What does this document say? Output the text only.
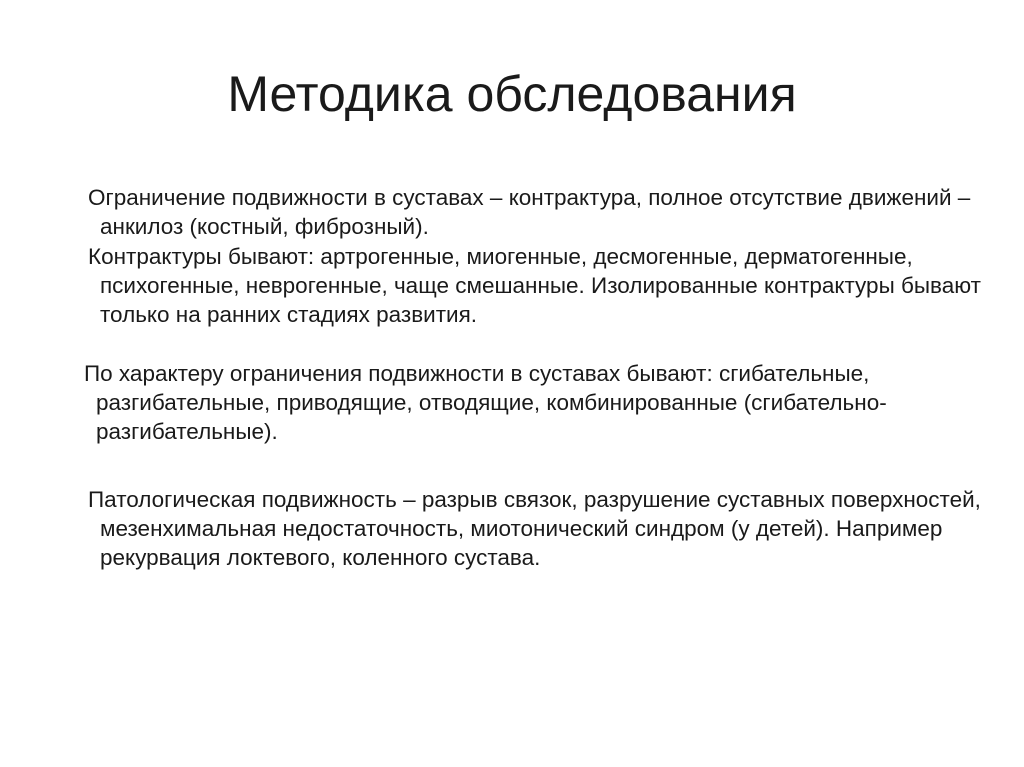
Методика обследования

Ограничение подвижности в суставах – контрактура, полное отсутствие движений – анкилоз (костный, фиброзный).

Контрактуры бывают: артрогенные, миогенные, десмогенные, дерматогенные, психогенные, неврогенные, чаще смешанные. Изолированные контрактуры бывают только на ранних стадиях развития.

По характеру ограничения подвижности в суставах бывают: сгибательные, разгибательные, приводящие, отводящие, комбинированные (сгибательно-разгибательные).

Патологическая подвижность – разрыв связок, разрушение суставных поверхностей, мезенхимальная недостаточность, миотонический синдром (у детей). Например рекурвация локтевого, коленного сустава.
